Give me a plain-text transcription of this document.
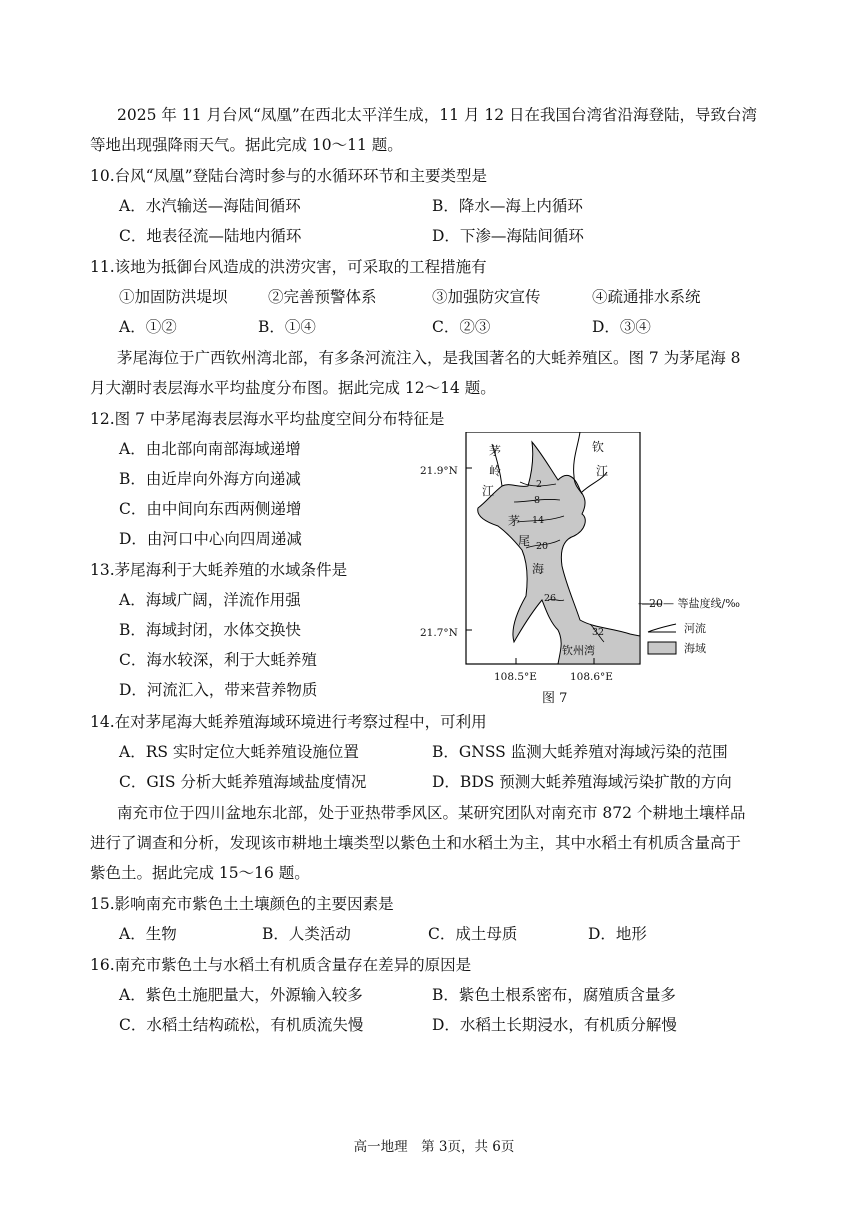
2025 年 11 月台风“凤凰”在西北太平洋生成，11 月 12 日在我国台湾省沿海登陆，导致台湾
等地出现强降雨天气。据此完成 10～11 题。
10.台风“凤凰”登陆台湾时参与的水循环环节和主要类型是
A．水汽输送—海陆间循环	B．降水—海上内循环
C．地表径流—陆地内循环	D．下渗—海陆间循环
11.该地为抵御台风造成的洪涝灾害，可采取的工程措施有
①加固防洪堤坝	②完善预警体系	③加强防灾宣传	④疏通排水系统
A．①②	B．①④	C．②③	D．③④
茅尾海位于广西钦州湾北部，有多条河流注入，是我国著名的大蚝养殖区。图 7 为茅尾海 8
月大潮时表层海水平均盐度分布图。据此完成 12～14 题。
12.图 7 中茅尾海表层海水平均盐度空间分布特征是
A．由北部向南部海域递增
B．由近岸向外海方向递减
C．由中间向东西两侧递增
D．由河口中心向四周递减
13.茅尾海利于大蚝养殖的水域条件是
A．海域广阔，洋流作用强
B．海域封闭，水体交换快
C．海水较深，利于大蚝养殖
D．河流汇入，带来营养物质
21.9°N
21.7°N
108.5°E	108.6°E
茅
岭
江
钦
江
茅
尾
海
钦州湾
2
8
14
20
26
32
—20— 等盐度线/‰
河流
海域
图 7
14.在对茅尾海大蚝养殖海域环境进行考察过程中，可利用
A．RS 实时定位大蚝养殖设施位置	B．GNSS 监测大蚝养殖对海域污染的范围
C．GIS 分析大蚝养殖海域盐度情况	D．BDS 预测大蚝养殖海域污染扩散的方向
南充市位于四川盆地东北部，处于亚热带季风区。某研究团队对南充市 872 个耕地土壤样品
进行了调查和分析，发现该市耕地土壤类型以紫色土和水稻土为主，其中水稻土有机质含量高于
紫色土。据此完成 15～16 题。
15.影响南充市紫色土土壤颜色的主要因素是
A．生物	B．人类活动	C．成土母质	D．地形
16.南充市紫色土与水稻土有机质含量存在差异的原因是
A．紫色土施肥量大，外源输入较多	B．紫色土根系密布，腐殖质含量多
C．水稻土结构疏松，有机质流失慢	D．水稻土长期浸水，有机质分解慢
高一地理　第 3页，共 6页
